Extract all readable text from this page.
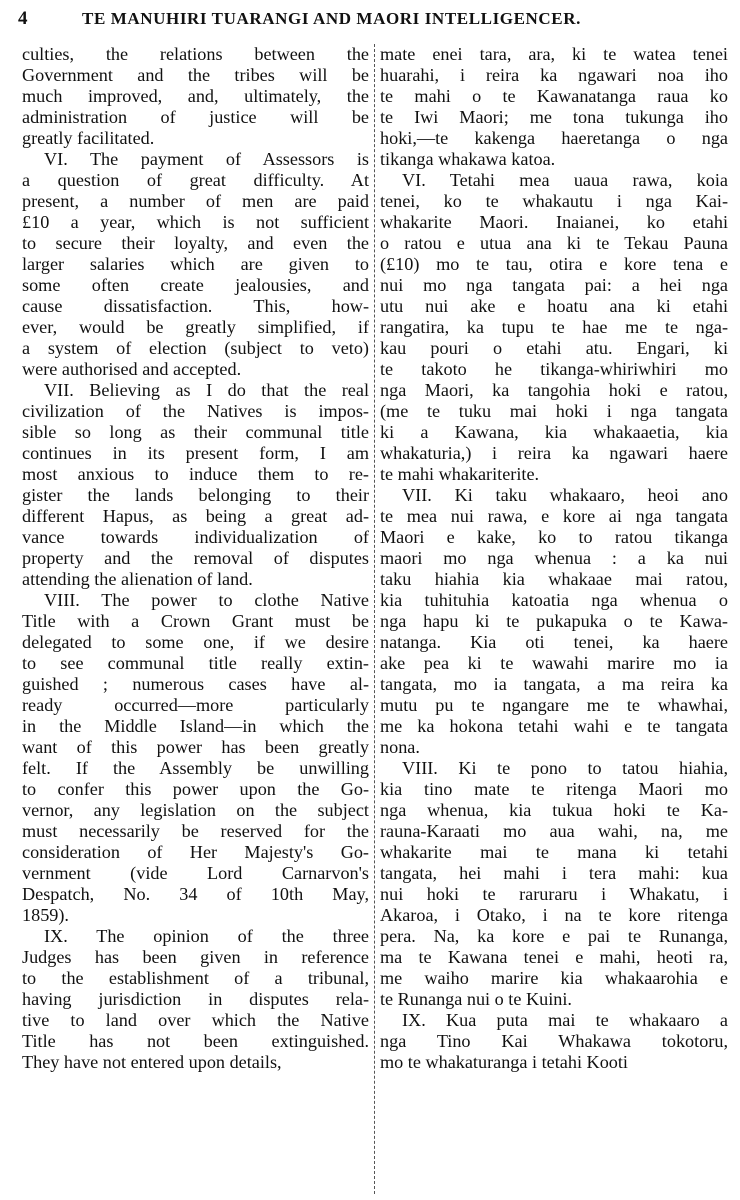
4	TE MANUHIRI TUARANGI AND MAORI INTELLIGENCER.
culties, the relations between the
Government and the tribes will be
much improved, and, ultimately, the
administration of justice will be
greatly facilitated.
VI. The payment of Assessors is
a question of great difficulty. At
present, a number of men are paid
£10 a year, which is not sufficient
to secure their loyalty, and even the
larger salaries which are given to
some often create jealousies, and
cause dissatisfaction. This, how-
ever, would be greatly simplified, if
a system of election (subject to veto)
were authorised and accepted.
VII. Believing as I do that the real
civilization of the Natives is impos-
sible so long as their communal title
continues in its present form, I am
most anxious to induce them to re-
gister the lands belonging to their
different Hapus, as being a great ad-
vance towards individualization of
property and the removal of disputes
attending the alienation of land.
VIII. The power to clothe Native
Title with a Crown Grant must be
delegated to some one, if we desire
to see communal title really extin-
guished ; numerous cases have al-
ready occurred—more particularly
in the Middle Island—in which the
want of this power has been greatly
felt. If the Assembly be unwilling
to confer this power upon the Go-
vernor, any legislation on the subject
must necessarily be reserved for the
consideration of Her Majesty's Go-
vernment (vide Lord Carnarvon's
Despatch, No. 34 of 10th May,
1859).
IX. The opinion of the three
Judges has been given in reference
to the establishment of a tribunal,
having jurisdiction in disputes rela-
tive to land over which the Native
Title has not been extinguished.
They have not entered upon details,
mate enei tara, ara, ki te watea tenei
huarahi, i reira ka ngawari noa iho
te mahi o te Kawanatanga raua ko
te Iwi Maori; me tona tukunga iho
hoki,—te kakenga haeretanga o nga
tikanga whakawa katoa.
VI. Tetahi mea uaua rawa, koia
tenei, ko te whakautu i nga Kai-
whakarite Maori. Inaianei, ko etahi
o ratou e utua ana ki te Tekau Pauna
(£10) mo te tau, otira e kore tena e
nui mo nga tangata pai: a hei nga
utu nui ake e hoatu ana ki etahi
rangatira, ka tupu te hae me te nga-
kau pouri o etahi atu. Engari, ki
te takoto he tikanga-whiriwhiri mo
nga Maori, ka tangohia hoki e ratou,
(me te tuku mai hoki i nga tangata
ki a Kawana, kia whakaaetia, kia
whakaturia,) i reira ka ngawari haere
te mahi whakariterite.
VII. Ki taku whakaaro, heoi ano
te mea nui rawa, e kore ai nga tangata
Maori e kake, ko to ratou tikanga
maori mo nga whenua : a ka nui
taku hiahia kia whakaae mai ratou,
kia tuhituhia katoatia nga whenua o
nga hapu ki te pukapuka o te Kawa-
natanga. Kia oti tenei, ka haere
ake pea ki te wawahi marire mo ia
tangata, mo ia tangata, a ma reira ka
mutu pu te ngangare me te whawhai,
me ka hokona tetahi wahi e te tangata
nona.
VIII. Ki te pono to tatou hiahia,
kia tino mate te ritenga Maori mo
nga whenua, kia tukua hoki te Ka-
rauna-Karaati mo aua wahi, na, me
whakarite mai te mana ki tetahi
tangata, hei mahi i tera mahi: kua
nui hoki te raruraru i Whakatu, i
Akaroa, i Otako, i na te kore ritenga
pera. Na, ka kore e pai te Runanga,
ma te Kawana tenei e mahi, heoti ra,
me waiho marire kia whakaarohia e
te Runanga nui o te Kuini.
IX. Kua puta mai te whakaaro a
nga Tino Kai Whakawa tokotoru,
mo te whakaturanga i tetahi Kooti
